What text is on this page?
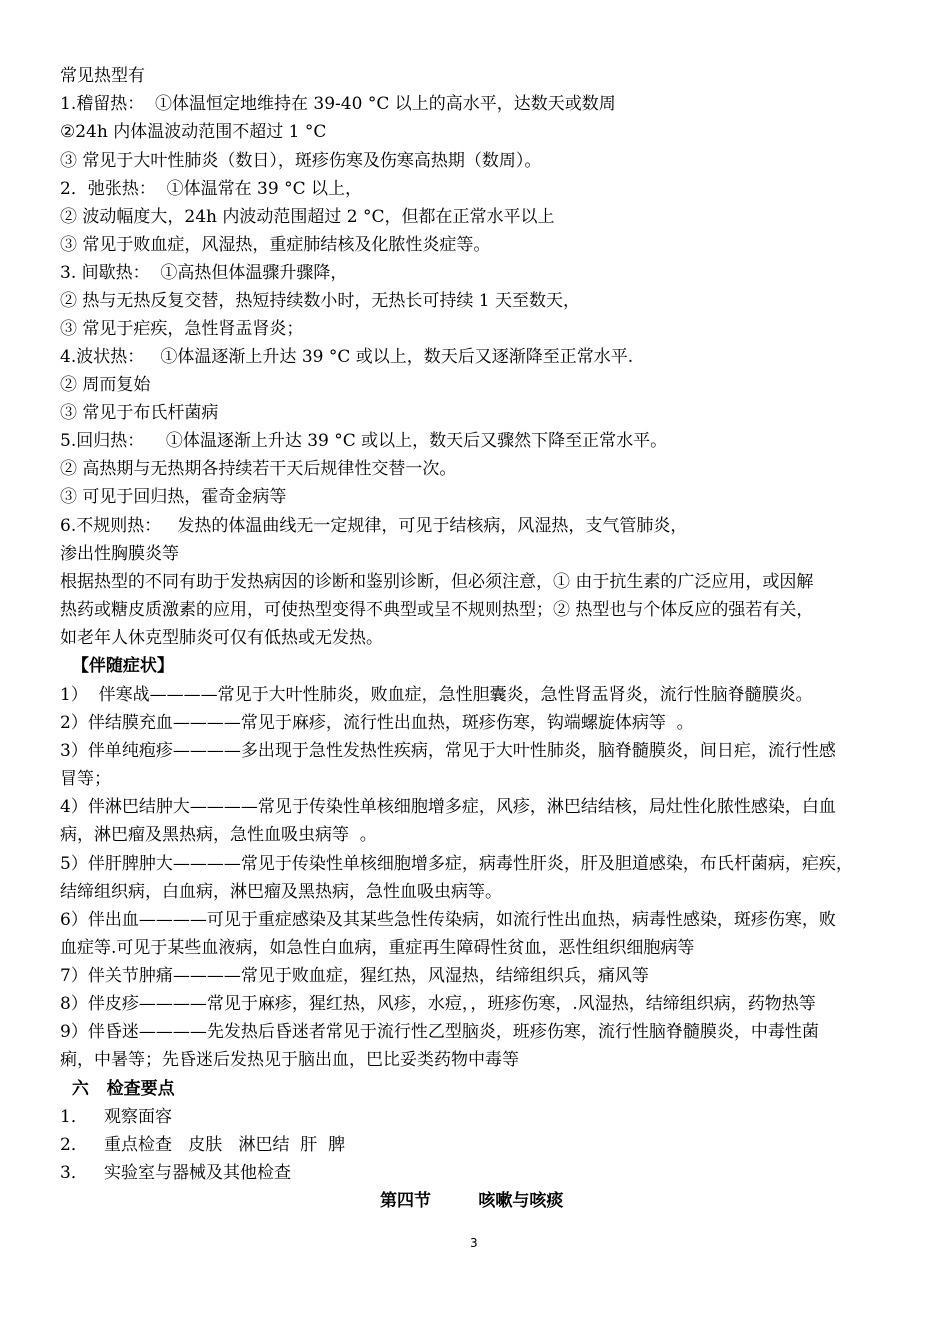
常见热型有
1.稽留热：  ①体温恒定地维持在 39-40 °C 以上的高水平，达数天或数周
②24h 内体温波动范围不超过 1 °C
③ 常见于大叶性肺炎（数日），斑疹伤寒及伤寒高热期（数周）。
2．弛张热：  ①体温常在 39 °C 以上，
② 波动幅度大，24h 内波动范围超过 2 °C，但都在正常水平以上
③ 常见于败血症，风湿热，重症肺结核及化脓性炎症等。
3. 间歇热：  ①高热但体温骤升骤降，
② 热与无热反复交替，热短持续数小时，无热长可持续 1 天至数天，
③ 常见于疟疾，急性肾盂肾炎；
4.波状热：   ①体温逐渐上升达 39 °C 或以上，数天后又逐渐降至正常水平.
② 周而复始
③ 常见于布氏杆菌病
5.回归热：    ①体温逐渐上升达 39 °C 或以上，数天后又骤然下降至正常水平。
② 高热期与无热期各持续若干天后规律性交替一次。
③ 可见于回归热，霍奇金病等
6.不规则热：   发热的体温曲线无一定规律，可见于结核病，风湿热，支气管肺炎，
渗出性胸膜炎等
根据热型的不同有助于发热病因的诊断和鉴别诊断，但必须注意，① 由于抗生素的广泛应用，或因解
热药或糖皮质激素的应用，可使热型变得不典型或呈不规则热型；② 热型也与个体反应的强若有关，
如老年人休克型肺炎可仅有低热或无发热。
【伴随症状】
1）  伴寒战————常见于大叶性肺炎，败血症，急性胆囊炎，急性肾盂肾炎，流行性脑脊髓膜炎。
2）伴结膜充血————常见于麻疹，流行性出血热，斑疹伤寒，钩端螺旋体病等  。
3）伴单纯疱疹————多出现于急性发热性疾病，常见于大叶性肺炎，脑脊髓膜炎，间日疟，流行性感
冒等；
4）伴淋巴结肿大————常见于传染性单核细胞增多症，风疹，淋巴结结核，局灶性化脓性感染，白血
病，淋巴瘤及黑热病，急性血吸虫病等  。
5）伴肝脾肿大————常见于传染性单核细胞增多症，病毒性肝炎，肝及胆道感染，布氏杆菌病，疟疾，
结缔组织病，白血病，淋巴瘤及黑热病，急性血吸虫病等。
6）伴出血————可见于重症感染及其某些急性传染病，如流行性出血热，病毒性感染，斑疹伤寒，败
血症等.可见于某些血液病，如急性白血病，重症再生障碍性贫血，恶性组织细胞病等
7）伴关节肿痛————常见于败血症，猩红热，风湿热，结缔组织兵，痛风等
8）伴皮疹————常见于麻疹，猩红热，风疹，水痘，，班疹伤寒，.风湿热，结缔组织病，药物热等
9）伴昏迷————先发热后昏迷者常见于流行性乙型脑炎，班疹伤寒，流行性脑脊髓膜炎，中毒性菌
痢，中暑等；先昏迷后发热见于脑出血，巴比妥类药物中毒等
六   检查要点
1．   观察面容
2．   重点检查   皮肤   淋巴结  肝  脾
3．   实验室与器械及其他检查
第四节        咳嗽与咳痰
3
